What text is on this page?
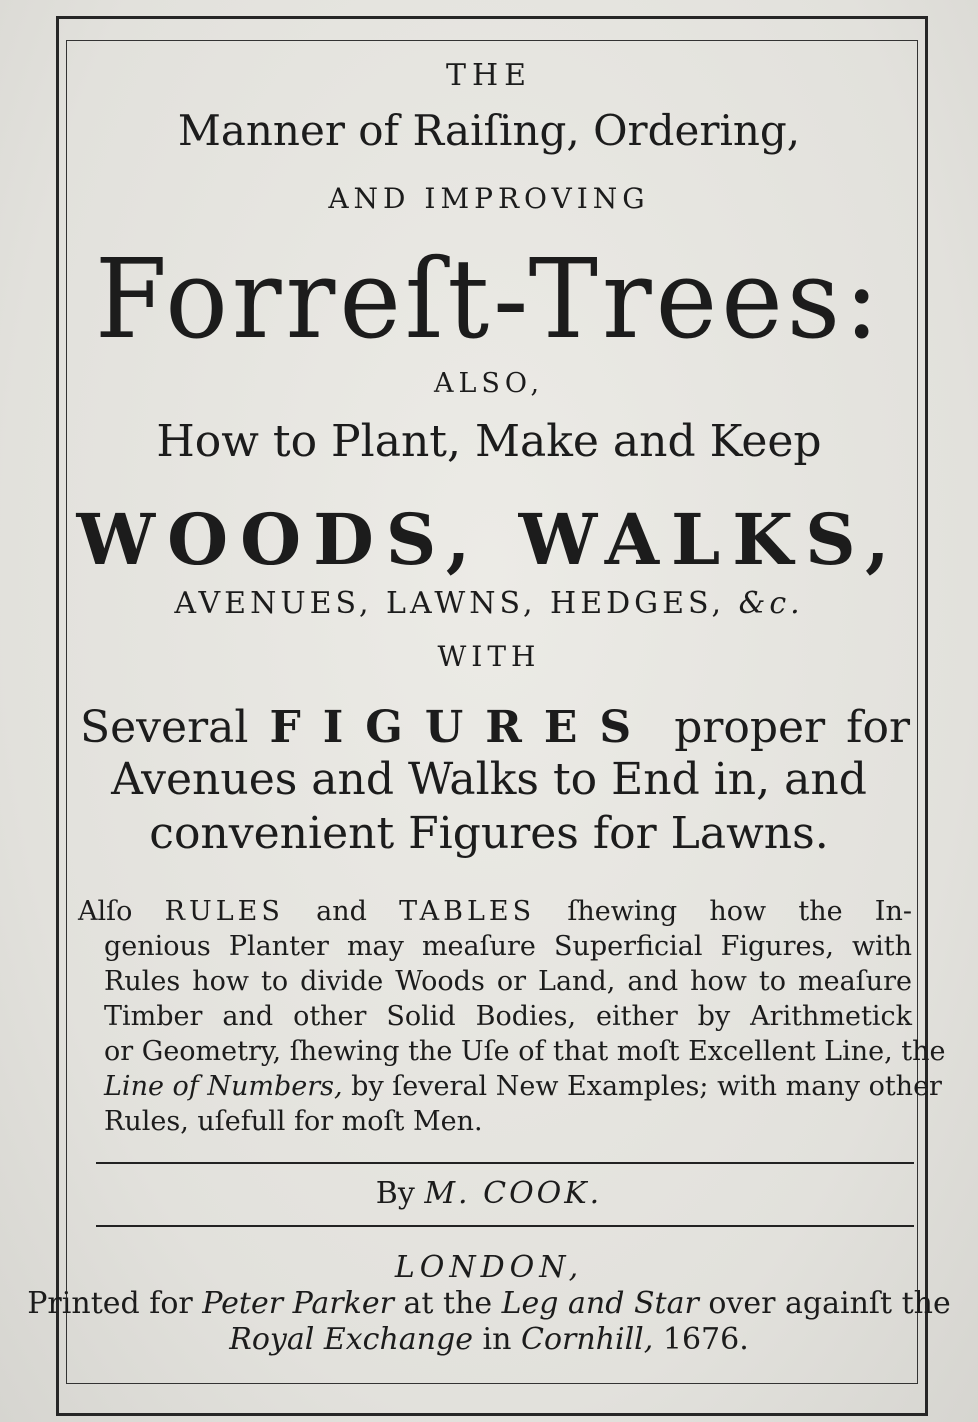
THE
Manner of Raiſing, Ordering,
AND IMPROVING
Forreſt-Trees:
ALSO,
How to Plant, Make and Keep
WOODS, WALKS,
AVENUES, LAWNS, HEDGES, &c.
WITH
Several FIGURES proper for
Avenues and Walks to End in, and
convenient Figures for Lawns.
Alſo RULES and TABLES ſhewing how the In-
genious Planter may meaſure Superficial Figures, with
Rules how to divide Woods or Land, and how to meaſure
Timber and other Solid Bodies, either by Arithmetick
or Geometry, ſhewing the Uſe of that moſt Excellent Line, the
Line of Numbers, by ſeveral New Examples; with many other
Rules, uſefull for moſt Men.
By M. COOK.
LONDON,
Printed for Peter Parker at the Leg and Star over againſt the
Royal Exchange in Cornhill, 1676.
